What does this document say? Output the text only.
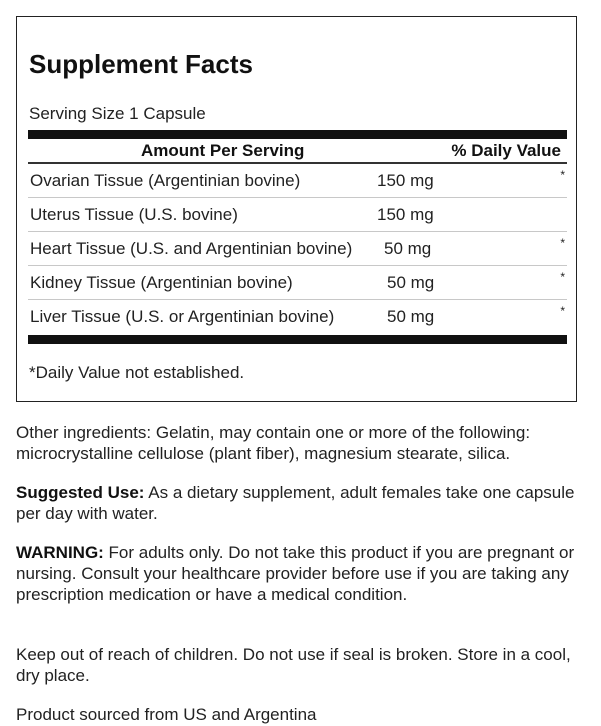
Supplement Facts
Serving Size 1 Capsule
Amount Per Serving	% Daily Value
Ovarian Tissue (Argentinian bovine)	150 mg	*
Uterus Tissue (U.S. bovine)	150 mg
Heart Tissue (U.S. and Argentinian bovine) 50 mg	*
Kidney Tissue (Argentinian bovine)	50 mg	*
Liver Tissue (U.S. or Argentinian bovine)	50 mg	*
*Daily Value not established.
Other ingredients: Gelatin, may contain one or more of the following: microcrystalline cellulose (plant fiber), magnesium stearate, silica.
Suggested Use: As a dietary supplement, adult females take one capsule per day with water.
WARNING: For adults only. Do not take this product if you are pregnant or nursing. Consult your healthcare provider before use if you are taking any prescription medication or have a medical condition.
Keep out of reach of children. Do not use if seal is broken. Store in a cool, dry place.
Product sourced from US and Argentina
